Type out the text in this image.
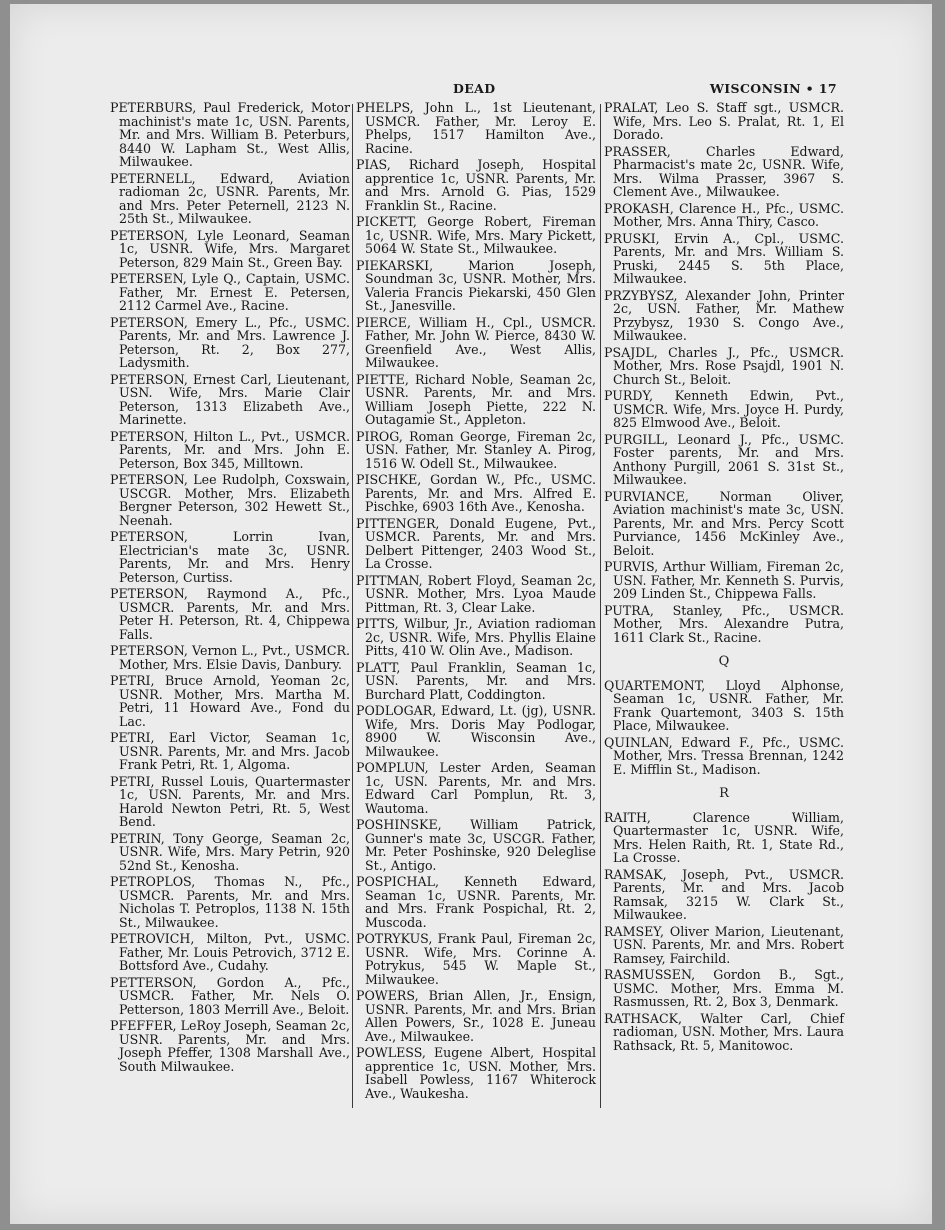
DEAD	WISCONSIN • 17

PETERBURS, Paul Frederick, Motor machinist's mate 1c, USN. Parents, Mr. and Mrs. William B. Peterburs, 8440 W. Lapham St., West Allis, Milwaukee.

PETERNELL, Edward, Aviation radioman 2c, USNR. Parents, Mr. and Mrs. Peter Peternell, 2123 N. 25th St., Milwaukee.

PETERSON, Lyle Leonard, Seaman 1c, USNR. Wife, Mrs. Margaret Peterson, 829 Main St., Green Bay.

PETERSEN, Lyle Q., Captain, USMC. Father, Mr. Ernest E. Petersen, 2112 Carmel Ave., Racine.

PETERSON, Emery L., Pfc., USMC. Parents, Mr. and Mrs. Lawrence J. Peterson, Rt. 2, Box 277, Ladysmith.

PETERSON, Ernest Carl, Lieutenant, USN. Wife, Mrs. Marie Clair Peterson, 1313 Elizabeth Ave., Marinette.

PETERSON, Hilton L., Pvt., USMCR. Parents, Mr. and Mrs. John E. Peterson, Box 345, Milltown.

PETERSON, Lee Rudolph, Coxswain, USCGR. Mother, Mrs. Elizabeth Bergner Peterson, 302 Hewett St., Neenah.

PETERSON, Lorrin Ivan, Electrician's mate 3c, USNR. Parents, Mr. and Mrs. Henry Peterson, Curtiss.

PETERSON, Raymond A., Pfc., USMCR. Parents, Mr. and Mrs. Peter H. Peterson, Rt. 4, Chippewa Falls.

PETERSON, Vernon L., Pvt., USMCR. Mother, Mrs. Elsie Davis, Danbury.

PETRI, Bruce Arnold, Yeoman 2c, USNR. Mother, Mrs. Martha M. Petri, 11 Howard Ave., Fond du Lac.

PETRI, Earl Victor, Seaman 1c, USNR. Parents, Mr. and Mrs. Jacob Frank Petri, Rt. 1, Algoma.

PETRI, Russel Louis, Quartermaster 1c, USN. Parents, Mr. and Mrs. Harold Newton Petri, Rt. 5, West Bend.

PETRIN, Tony George, Seaman 2c, USNR. Wife, Mrs. Mary Petrin, 920 52nd St., Kenosha.

PETROPLOS, Thomas N., Pfc., USMCR. Parents, Mr. and Mrs. Nicholas T. Petroplos, 1138 N. 15th St., Milwaukee.

PETROVICH, Milton, Pvt., USMC. Father, Mr. Louis Petrovich, 3712 E. Bottsford Ave., Cudahy.

PETTERSON, Gordon A., Pfc., USMCR. Father, Mr. Nels O. Petterson, 1803 Merrill Ave., Beloit.

PFEFFER, LeRoy Joseph, Seaman 2c, USNR. Parents, Mr. and Mrs. Joseph Pfeffer, 1308 Marshall Ave., South Milwaukee.

PHELPS, John L., 1st Lieutenant, USMCR. Father, Mr. Leroy E. Phelps, 1517 Hamilton Ave., Racine.

PIAS, Richard Joseph, Hospital apprentice 1c, USNR. Parents, Mr. and Mrs. Arnold G. Pias, 1529 Franklin St., Racine.

PICKETT, George Robert, Fireman 1c, USNR. Wife, Mrs. Mary Pickett, 5064 W. State St., Milwaukee.

PIEKARSKI, Marion Joseph, Soundman 3c, USNR. Mother, Mrs. Valeria Francis Piekarski, 450 Glen St., Janesville.

PIERCE, William H., Cpl., USMCR. Father, Mr. John W. Pierce, 8430 W. Greenfield Ave., West Allis, Milwaukee.

PIETTE, Richard Noble, Seaman 2c, USNR. Parents, Mr. and Mrs. William Joseph Piette, 222 N. Outagamie St., Appleton.

PIROG, Roman George, Fireman 2c, USN. Father, Mr. Stanley A. Pirog, 1516 W. Odell St., Milwaukee.

PISCHKE, Gordan W., Pfc., USMC. Parents, Mr. and Mrs. Alfred E. Pischke, 6903 16th Ave., Kenosha.

PITTENGER, Donald Eugene, Pvt., USMCR. Parents, Mr. and Mrs. Delbert Pittenger, 2403 Wood St., La Crosse.

PITTMAN, Robert Floyd, Seaman 2c, USNR. Mother, Mrs. Lyoa Maude Pittman, Rt. 3, Clear Lake.

PITTS, Wilbur, Jr., Aviation radioman 2c, USNR. Wife, Mrs. Phyllis Elaine Pitts, 410 W. Olin Ave., Madison.

PLATT, Paul Franklin, Seaman 1c, USN. Parents, Mr. and Mrs. Burchard Platt, Coddington.

PODLOGAR, Edward, Lt. (jg), USNR. Wife, Mrs. Doris May Podlogar, 8900 W. Wisconsin Ave., Milwaukee.

POMPLUN, Lester Arden, Seaman 1c, USN. Parents, Mr. and Mrs. Edward Carl Pomplun, Rt. 3, Wautoma.

POSHINSKE, William Patrick, Gunner's mate 3c, USCGR. Father, Mr. Peter Poshinske, 920 Deleglise St., Antigo.

POSPICHAL, Kenneth Edward, Seaman 1c, USNR. Parents, Mr. and Mrs. Frank Pospichal, Rt. 2, Muscoda.

POTRYKUS, Frank Paul, Fireman 2c, USNR. Wife, Mrs. Corinne A. Potrykus, 545 W. Maple St., Milwaukee.

POWERS, Brian Allen, Jr., Ensign, USNR. Parents, Mr. and Mrs. Brian Allen Powers, Sr., 1028 E. Juneau Ave., Milwaukee.

POWLESS, Eugene Albert, Hospital apprentice 1c, USN. Mother, Mrs. Isabell Powless, 1167 Whiterock Ave., Waukesha.

PRALAT, Leo S. Staff sgt., USMCR. Wife, Mrs. Leo S. Pralat, Rt. 1, El Dorado.

PRASSER, Charles Edward, Pharmacist's mate 2c, USNR. Wife, Mrs. Wilma Prasser, 3967 S. Clement Ave., Milwaukee.

PROKASH, Clarence H., Pfc., USMC. Mother, Mrs. Anna Thiry, Casco.

PRUSKI, Ervin A., Cpl., USMC. Parents, Mr. and Mrs. William S. Pruski, 2445 S. 5th Place, Milwaukee.

PRZYBYSZ, Alexander John, Printer 2c, USN. Father, Mr. Mathew Przybysz, 1930 S. Congo Ave., Milwaukee.

PSAJDL, Charles J., Pfc., USMCR. Mother, Mrs. Rose Psajdl, 1901 N. Church St., Beloit.

PURDY, Kenneth Edwin, Pvt., USMCR. Wife, Mrs. Joyce H. Purdy, 825 Elmwood Ave., Beloit.

PURGILL, Leonard J., Pfc., USMC. Foster parents, Mr. and Mrs. Anthony Purgill, 2061 S. 31st St., Milwaukee.

PURVIANCE, Norman Oliver, Aviation machinist's mate 3c, USN. Parents, Mr. and Mrs. Percy Scott Purviance, 1456 McKinley Ave., Beloit.

PURVIS, Arthur William, Fireman 2c, USN. Father, Mr. Kenneth S. Purvis, 209 Linden St., Chippewa Falls.

PUTRA, Stanley, Pfc., USMCR. Mother, Mrs. Alexandre Putra, 1611 Clark St., Racine.

Q

QUARTEMONT, Lloyd Alphonse, Seaman 1c, USNR. Father, Mr. Frank Quartemont, 3403 S. 15th Place, Milwaukee.

QUINLAN, Edward F., Pfc., USMC. Mother, Mrs. Tressa Brennan, 1242 E. Mifflin St., Madison.

R

RAITH, Clarence William, Quartermaster 1c, USNR. Wife, Mrs. Helen Raith, Rt. 1, State Rd., La Crosse.

RAMSAK, Joseph, Pvt., USMCR. Parents, Mr. and Mrs. Jacob Ramsak, 3215 W. Clark St., Milwaukee.

RAMSEY, Oliver Marion, Lieutenant, USN. Parents, Mr. and Mrs. Robert Ramsey, Fairchild.

RASMUSSEN, Gordon B., Sgt., USMC. Mother, Mrs. Emma M. Rasmussen, Rt. 2, Box 3, Denmark.

RATHSACK, Walter Carl, Chief radioman, USN. Mother, Mrs. Laura Rathsack, Rt. 5, Manitowoc.
